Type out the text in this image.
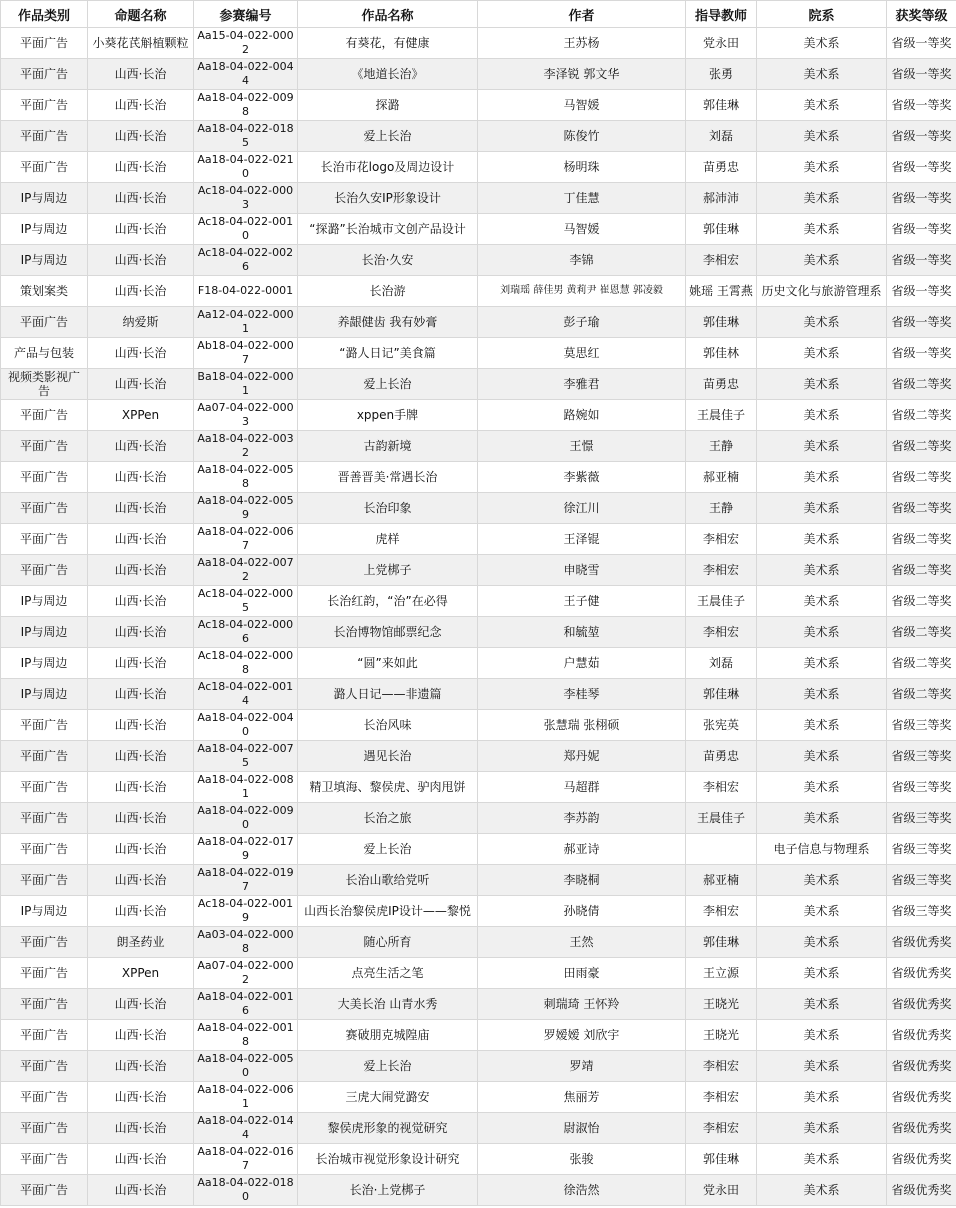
作品类别	命题名称	参赛编号	作品名称	作者	指导教师	院系	获奖等级

平面广告	小葵花芪斛植颗粒	Aa15-04-022-0002	有葵花，有健康	王苏杨	党永田	美术系	省级一等奖

平面广告	山西·长治	Aa18-04-022-0044	《地道长治》	李泽锐 郭文华	张勇	美术系	省级一等奖

平面广告	山西·长治	Aa18-04-022-0098	探潞	马智媛	郭佳琳	美术系	省级一等奖

平面广告	山西·长治	Aa18-04-022-0185	爱上长治	陈俊竹	刘磊	美术系	省级一等奖

平面广告	山西·长治	Aa18-04-022-0210	长治市花logo及周边设计	杨明珠	苗勇忠	美术系	省级一等奖

IP与周边	山西·长治	Ac18-04-022-0003	长治久安IP形象设计	丁佳慧	郝沛沛	美术系	省级一等奖

IP与周边	山西·长治	Ac18-04-022-0010	“探潞”长治城市文创产品设计	马智媛	郭佳琳	美术系	省级一等奖

IP与周边	山西·长治	Ac18-04-022-0026	长治·久安	李锦	李相宏	美术系	省级一等奖

策划案类	山西·长治	F18-04-022-0001	长治游	刘瑞瑶 薛佳男 黄莉尹 崔恩慧 郭凌毅	姚瑶 王霄燕	历史文化与旅游管理系	省级一等奖

平面广告	纳爱斯	Aa12-04-022-0001	养龈健齿 我有妙膏	彭子瑜	郭佳琳	美术系	省级一等奖

产品与包装	山西·长治	Ab18-04-022-0007	“潞人日记”美食篇	莫思红	郭佳林	美术系	省级一等奖

视频类影视广告	山西·长治	Ba18-04-022-0001	爱上长治	李雅君	苗勇忠	美术系	省级二等奖

平面广告	XPPen	Aa07-04-022-0003	xppen手牌	路婉如	王晨佳子	美术系	省级二等奖

平面广告	山西·长治	Aa18-04-022-0032	古韵新境	王憬	王静	美术系	省级二等奖

平面广告	山西·长治	Aa18-04-022-0058	晋善晋美·常遇长治	李紫薇	郝亚楠	美术系	省级二等奖

平面广告	山西·长治	Aa18-04-022-0059	长治印象	徐江川	王静	美术系	省级二等奖

平面广告	山西·长治	Aa18-04-022-0067	虎样	王泽锟	李相宏	美术系	省级二等奖

平面广告	山西·长治	Aa18-04-022-0072	上党梆子	申晓雪	李相宏	美术系	省级二等奖

IP与周边	山西·长治	Ac18-04-022-0005	长治红韵，“治”在必得	王子健	王晨佳子	美术系	省级二等奖

IP与周边	山西·长治	Ac18-04-022-0006	长治博物馆邮票纪念	和毓堃	李相宏	美术系	省级二等奖

IP与周边	山西·长治	Ac18-04-022-0008	“圆”来如此	户慧茹	刘磊	美术系	省级二等奖

IP与周边	山西·长治	Ac18-04-022-0014	潞人日记——非遗篇	李桂琴	郭佳琳	美术系	省级二等奖

平面广告	山西·长治	Aa18-04-022-0040	长治风味	张慧瑞 张栩硕	张宪英	美术系	省级三等奖

平面广告	山西·长治	Aa18-04-022-0075	遇见长治	郑丹妮	苗勇忠	美术系	省级三等奖

平面广告	山西·长治	Aa18-04-022-0081	精卫填海、黎侯虎、驴肉甩饼	马超群	李相宏	美术系	省级三等奖

平面广告	山西·长治	Aa18-04-022-0090	长治之旅	李苏韵	王晨佳子	美术系	省级三等奖

平面广告	山西·长治	Aa18-04-022-0179	爱上长治	郝亚诗		电子信息与物理系	省级三等奖

平面广告	山西·长治	Aa18-04-022-0197	长治山歌给党听	李晓桐	郝亚楠	美术系	省级三等奖

IP与周边	山西·长治	Ac18-04-022-0019	山西长治黎侯虎IP设计——黎悦	孙晓倩	李相宏	美术系	省级三等奖

平面广告	朗圣药业	Aa03-04-022-0008	随心所育	王然	郭佳琳	美术系	省级优秀奖

平面广告	XPPen	Aa07-04-022-0002	点亮生活之笔	田雨豪	王立源	美术系	省级优秀奖

平面广告	山西·长治	Aa18-04-022-0016	大美长治 山青水秀	刺瑞琦 王怀羚	王晓光	美术系	省级优秀奖

平面广告	山西·长治	Aa18-04-022-0018	赛破朋克城隍庙	罗嫒嫒 刘欣宇	王晓光	美术系	省级优秀奖

平面广告	山西·长治	Aa18-04-022-0050	爱上长治	罗靖	李相宏	美术系	省级优秀奖

平面广告	山西·长治	Aa18-04-022-0061	三虎大闹党潞安	焦丽芳	李相宏	美术系	省级优秀奖

平面广告	山西·长治	Aa18-04-022-0144	黎侯虎形象的视觉研究	尉淑怡	李相宏	美术系	省级优秀奖

平面广告	山西·长治	Aa18-04-022-0167	长治城市视觉形象设计研究	张骏	郭佳琳	美术系	省级优秀奖

平面广告	山西·长治	Aa18-04-022-0180	长治·上党梆子	徐浩然	党永田	美术系	省级优秀奖
